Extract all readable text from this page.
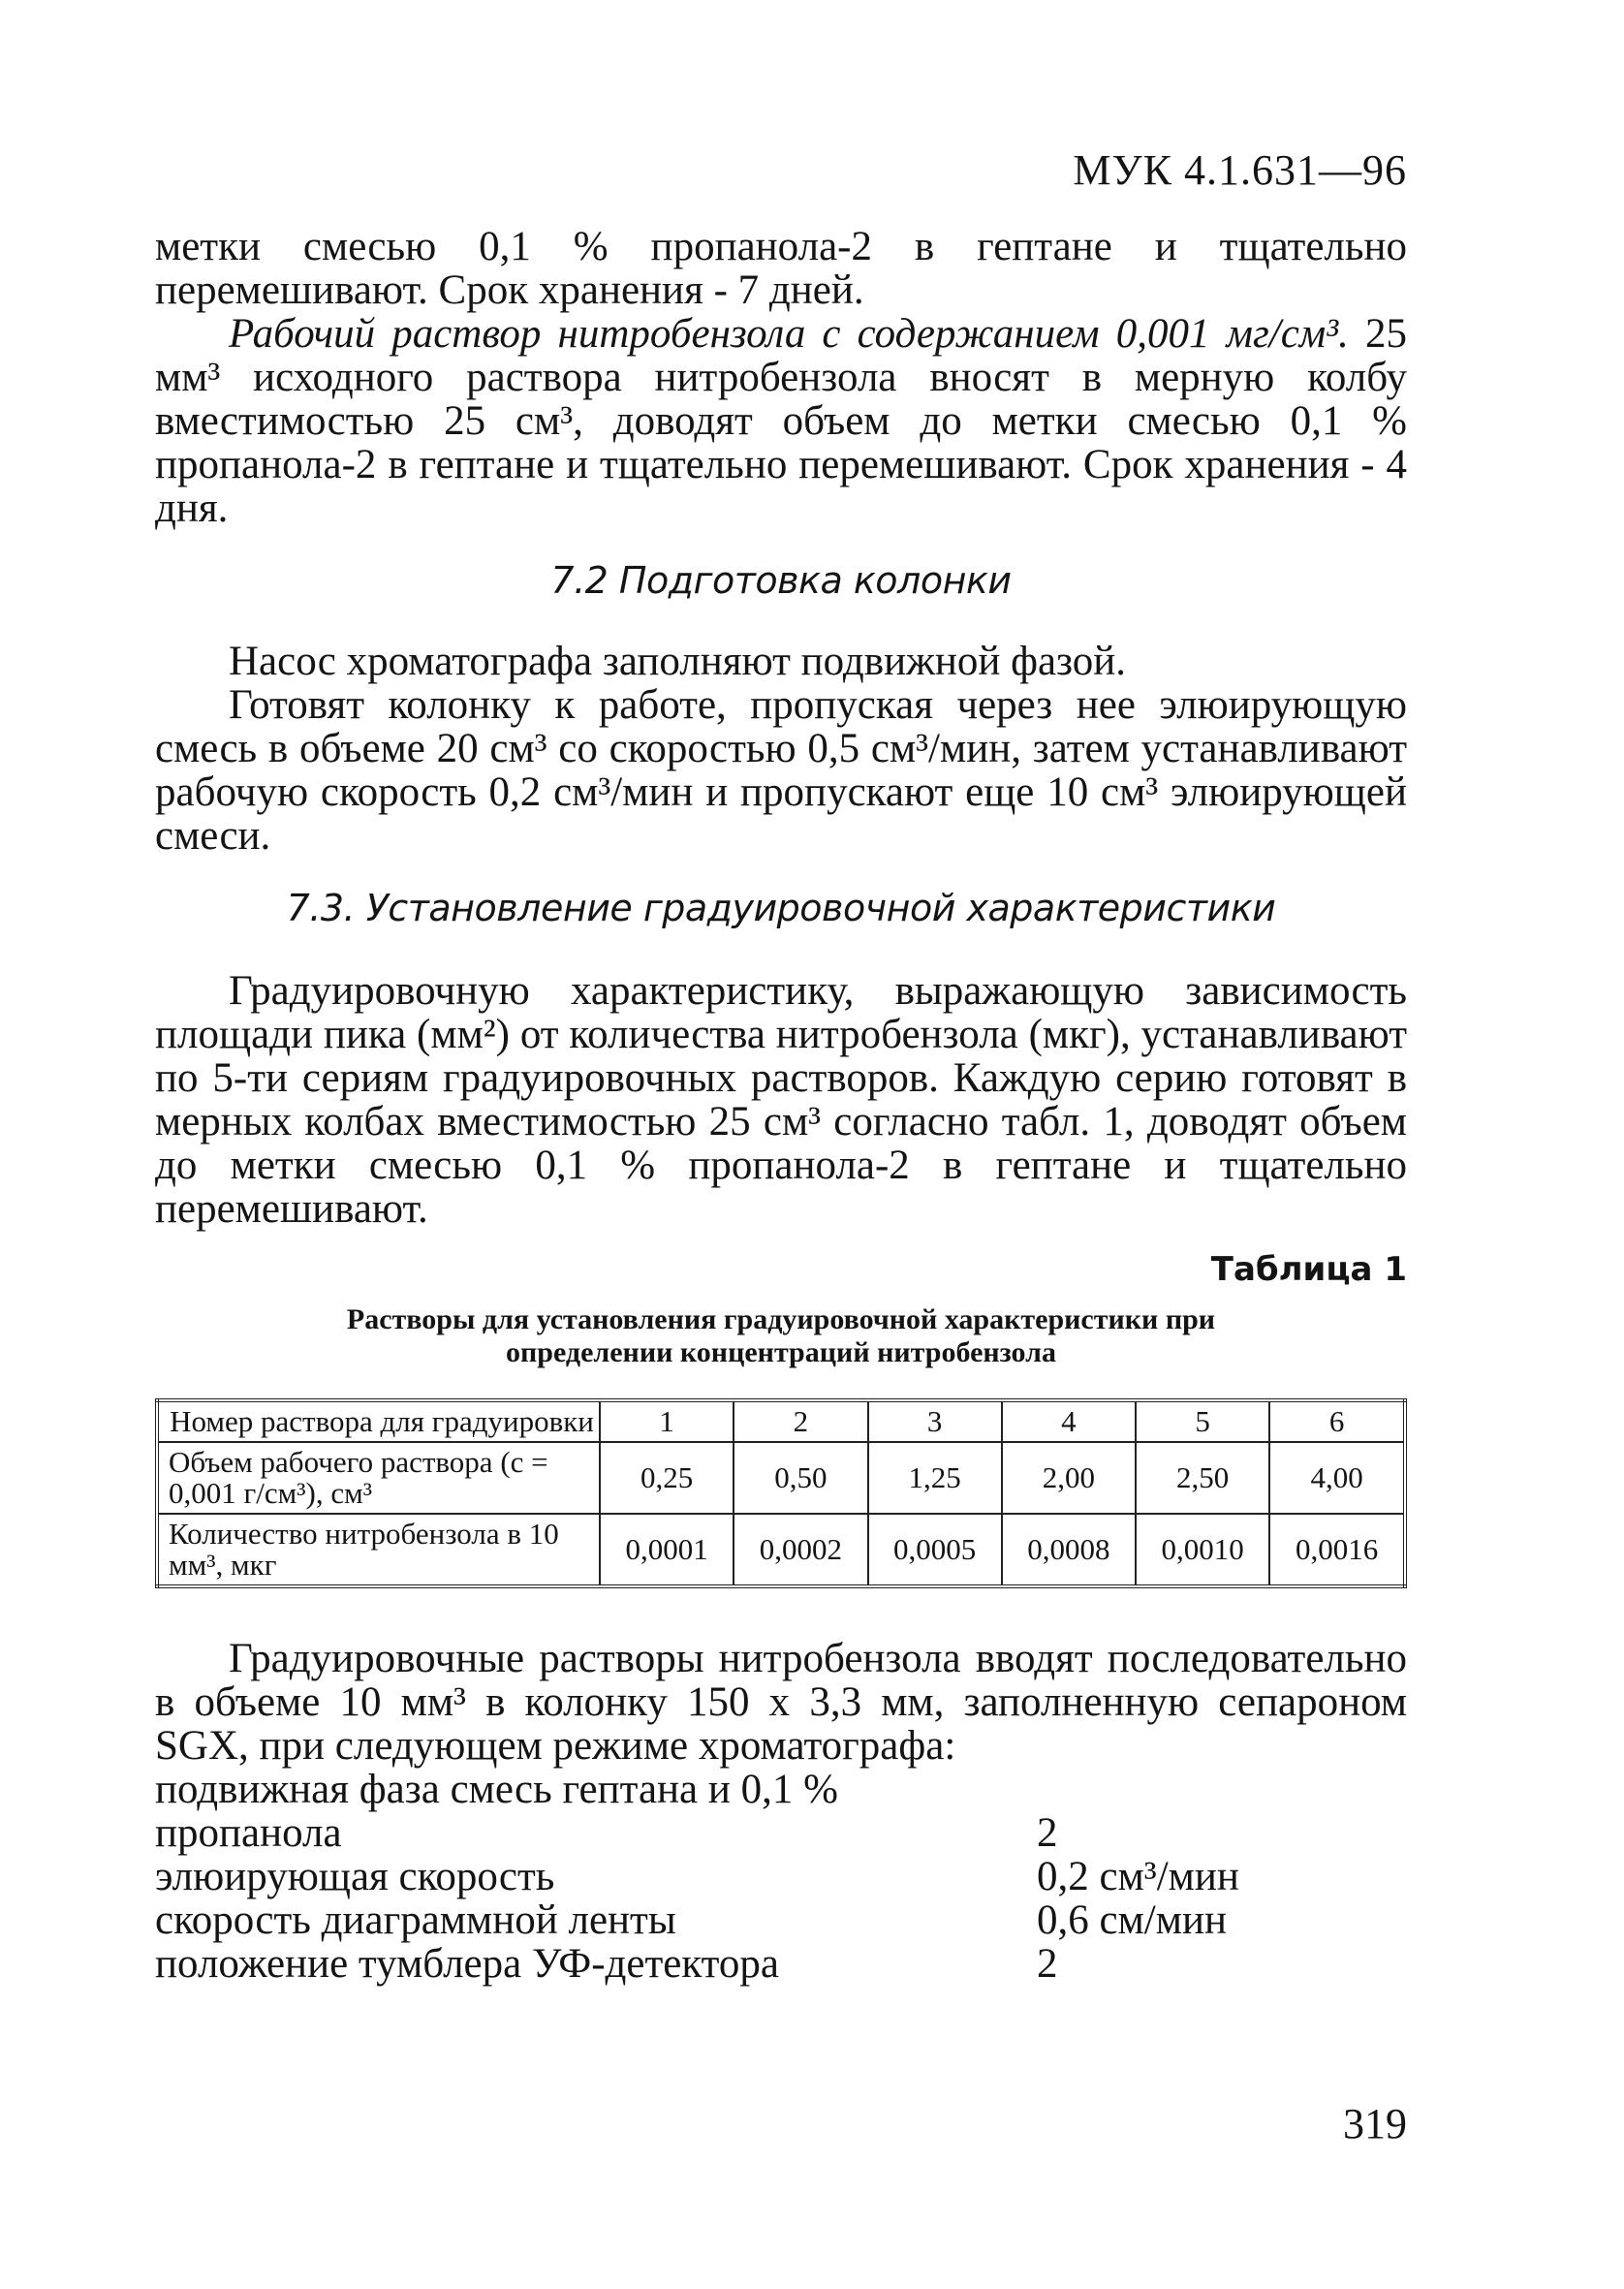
МУК 4.1.631—96

метки смесью 0,1 % пропанола-2 в гептане и тщательно перемешивают. Срок хранения - 7 дней.

Рабочий раствор нитробензола с содержанием 0,001 мг/см³. 25 мм³ исходного раствора нитробензола вносят в мерную колбу вместимостью 25 см³, доводят объем до метки смесью 0,1 % пропанола-2 в гептане и тщательно перемешивают. Срок хранения - 4 дня.

7.2 Подготовка колонки

Насос хроматографа заполняют подвижной фазой.

Готовят колонку к работе, пропуская через нее элюирующую смесь в объеме 20 см³ со скоростью 0,5 см³/мин, затем устанавливают рабочую скорость 0,2 см³/мин и пропускают еще 10 см³ элюирующей смеси.

7.3. Установление градуировочной характеристики

Градуировочную характеристику, выражающую зависимость площади пика (мм²) от количества нитробензола (мкг), устанавливают по 5-ти сериям градуировочных растворов. Каждую серию готовят в мерных колбах вместимостью 25 см³ согласно табл. 1, доводят объем до метки смесью 0,1 % пропанола-2 в гептане и тщательно перемешивают.

Таблица 1

Растворы для установления градуировочной характеристики при

определении концентраций нитробензола

Номер раствора для градуировки	1	2	3	4	5	6
Объем рабочего раствора (с = 0,001 г/см³), см³	0,25	0,50	1,25	2,00	2,50	4,00
Количество нитробензола в 10 мм³, мкг	0,0001	0,0002	0,0005	0,0008	0,0010	0,0016

Градуировочные растворы нитробензола вводят последовательно в объеме 10 мм³ в колонку 150 х 3,3 мм, заполненную сепароном SGX, при следующем режиме хроматографа:

подвижная фаза смесь гептана и 0,1 %
пропанола	2
элюирующая скорость	0,2 см³/мин
скорость диаграммной ленты	0,6 см/мин
положение тумблера УФ-детектора	2
319
